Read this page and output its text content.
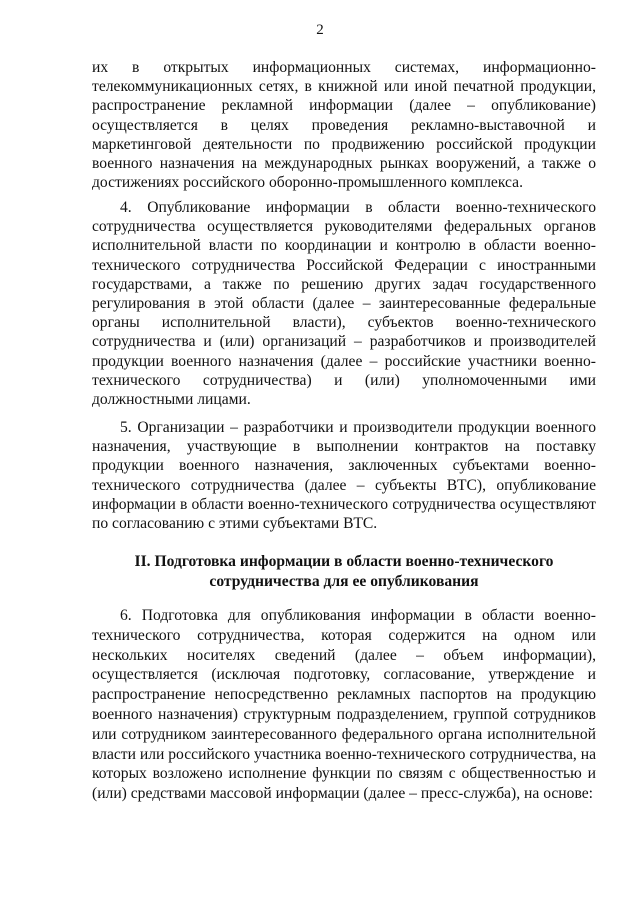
2
их в открытых информационных системах, информационно-телекоммуникационных сетях, в книжной или иной печатной продукции, распространение рекламной информации (далее – опубликование) осуществляется в целях проведения рекламно-выставочной и маркетинговой деятельности по продвижению российской продукции военного назначения на международных рынках вооружений, а также о достижениях российского оборонно-промышленного комплекса.
4. Опубликование информации в области военно-технического сотрудничества осуществляется руководителями федеральных органов исполнительной власти по координации и контролю в области военно-технического сотрудничества Российской Федерации с иностранными государствами, а также по решению других задач государственного регулирования в этой области (далее – заинтересованные федеральные органы исполнительной власти), субъектов военно-технического сотрудничества и (или) организаций – разработчиков и производителей продукции военного назначения (далее – российские участники военно-технического сотрудничества) и (или) уполномоченными ими должностными лицами.
5. Организации – разработчики и производители продукции военного назначения, участвующие в выполнении контрактов на поставку продукции военного назначения, заключенных субъектами военно-технического сотрудничества (далее – субъекты ВТС), опубликование информации в области военно-технического сотрудничества осуществляют по согласованию с этими субъектами ВТС.
II. Подготовка информации в области военно-технического
сотрудничества для ее опубликования
6. Подготовка для опубликования информации в области военно-технического сотрудничества, которая содержится на одном или нескольких носителях сведений (далее – объем информации), осуществляется (исключая подготовку, согласование, утверждение и распространение непосредственно рекламных паспортов на продукцию военного назначения) структурным подразделением, группой сотрудников или сотрудником заинтересованного федерального органа исполнительной власти или российского участника военно-технического сотрудничества, на которых возложено исполнение функции по связям с общественностью и (или) средствами массовой информации (далее – пресс-служба), на основе:
